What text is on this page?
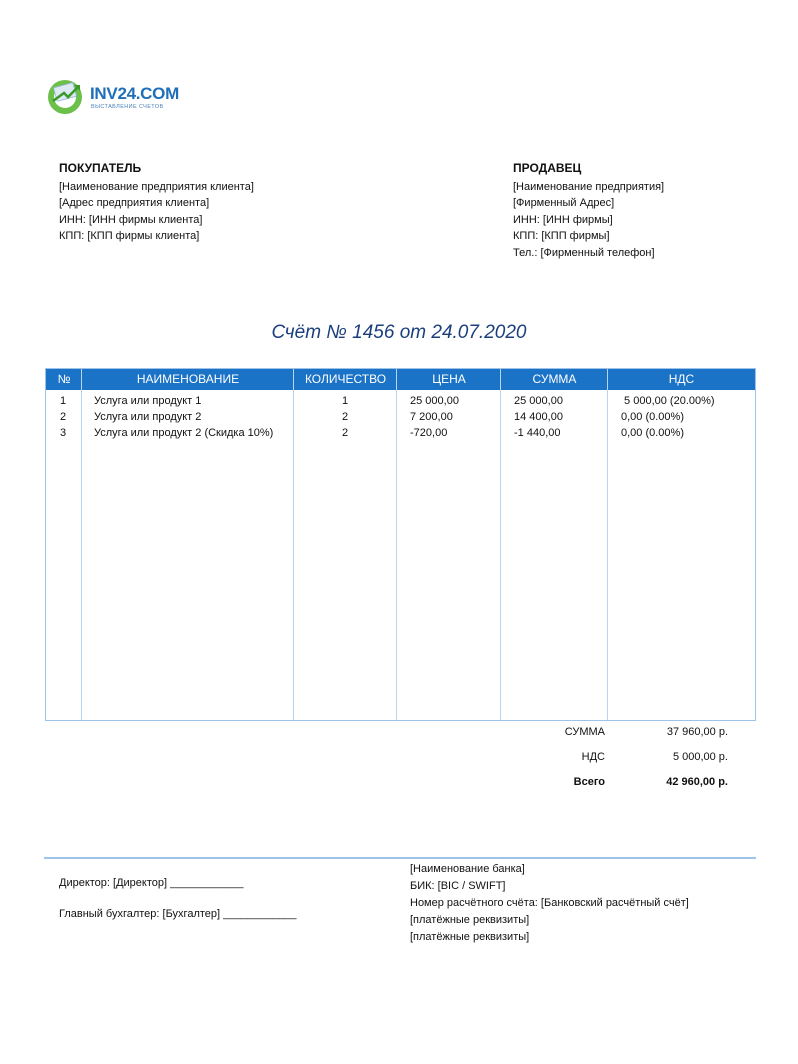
INV24.COM
ВЫСТАВЛЕНИЕ СЧЕТОВ
ПОКУПАТЕЛЬ
[Наименование предприятия клиента]
[Адрес предприятия клиента]
ИНН: [ИНН фирмы клиента]
КПП: [КПП фирмы клиента]
ПРОДАВЕЦ
[Наименование предприятия]
[Фирменный Адрес]
ИНН: [ИНН фирмы]
КПП: [КПП фирмы]
Тел.: [Фирменный телефон]
Счёт № 1456 от 24.07.2020
№	НАИМЕНОВАНИЕ	КОЛИЧЕСТВО	ЦЕНА	СУММА	НДС
1	Услуга или продукт 1	1	25 000,00	25 000,00	5 000,00 (20.00%)
2	Услуга или продукт 2	2	7 200,00	14 400,00	0,00 (0.00%)
3	Услуга или продукт 2 (Скидка 10%)	2	-720,00	-1 440,00	0,00 (0.00%)
СУММА	37 960,00 р.
НДС	5 000,00 р.
Всего	42 960,00 р.
Директор: [Директор] ____________
Главный бухгалтер: [Бухгалтер] ____________
[Наименование банка]
БИК: [BIC / SWIFT]
Номер расчётного счёта: [Банковский расчётный счёт]
[платёжные реквизиты]
[платёжные реквизиты]
